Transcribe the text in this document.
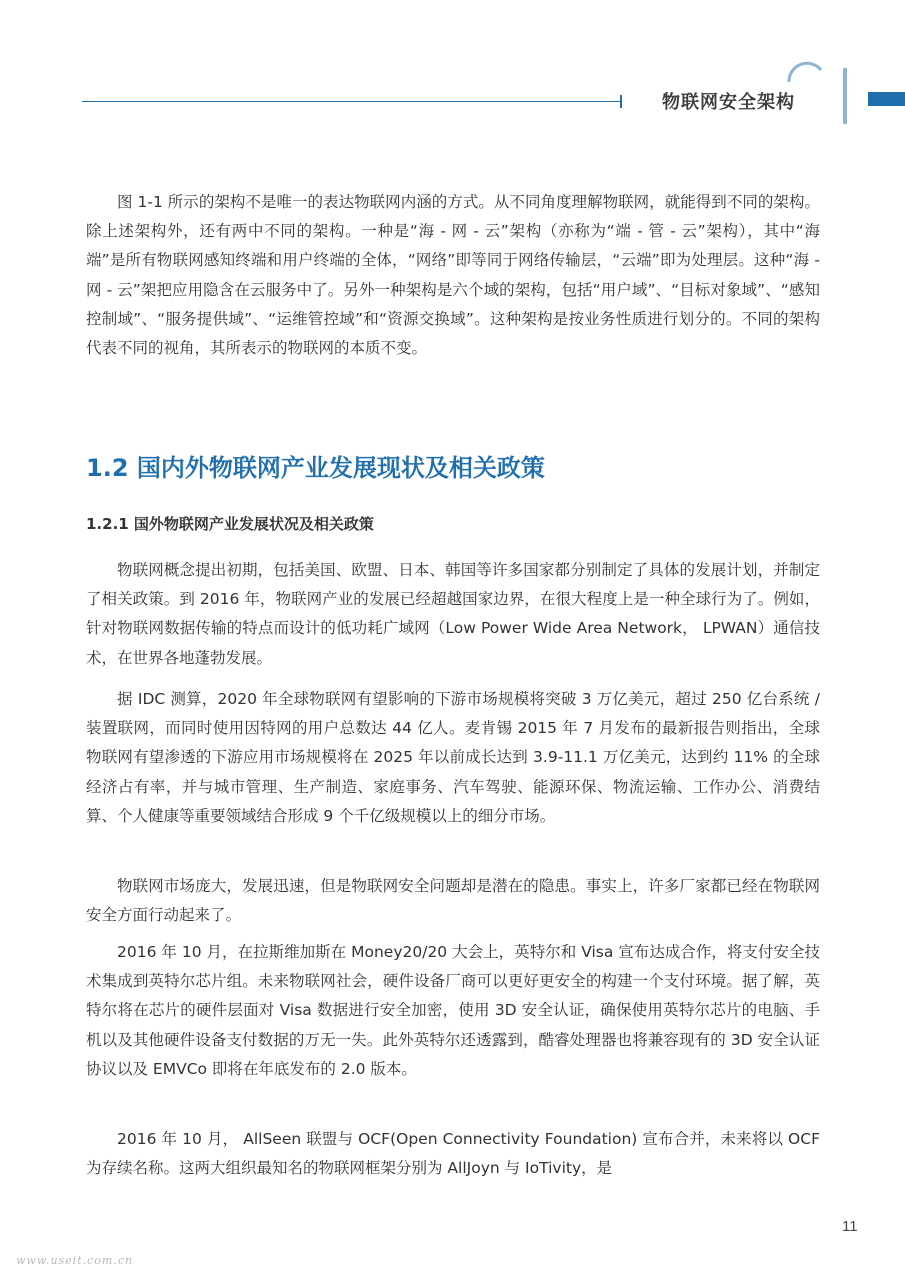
物联网安全架构

图 1-1 所示的架构不是唯一的表达物联网内涵的方式。从不同角度理解物联网，就能得到不同的架构。除上述架构外，还有两中不同的架构。一种是“海 - 网 - 云”架构（亦称为“端 - 管 - 云”架构），其中“海端”是所有物联网感知终端和用户终端的全体，“网络”即等同于网络传输层，“云端”即为处理层。这种“海 - 网 - 云”架把应用隐含在云服务中了。另外一种架构是六个域的架构，包括“用户域”、“目标对象域”、“感知控制域”、“服务提供域”、“运维管控域”和“资源交换域”。这种架构是按业务性质进行划分的。不同的架构代表不同的视角，其所表示的物联网的本质不变。

1.2 国内外物联网产业发展现状及相关政策
1.2.1 国外物联网产业发展状况及相关政策

物联网概念提出初期，包括美国、欧盟、日本、韩国等许多国家都分别制定了具体的发展计划，并制定了相关政策。到 2016 年，物联网产业的发展已经超越国家边界，在很大程度上是一种全球行为了。例如，针对物联网数据传输的特点而设计的低功耗广域网（Low Power Wide Area Network， LPWAN）通信技术，在世界各地蓬勃发展。

据 IDC 测算，2020 年全球物联网有望影响的下游市场规模将突破 3 万亿美元，超过 250 亿台系统 / 装置联网，而同时使用因特网的用户总数达 44 亿人。麦肯锡 2015 年 7 月发布的最新报告则指出，全球物联网有望渗透的下游应用市场规模将在 2025 年以前成长达到 3.9-11.1 万亿美元，达到约 11% 的全球经济占有率，并与城市管理、生产制造、家庭事务、汽车驾驶、能源环保、物流运输、工作办公、消费结算、个人健康等重要领域结合形成 9 个千亿级规模以上的细分市场。

物联网市场庞大，发展迅速，但是物联网安全问题却是潜在的隐患。事实上，许多厂家都已经在物联网安全方面行动起来了。

2016 年 10 月，在拉斯维加斯在 Money20/20 大会上，英特尔和 Visa 宣布达成合作，将支付安全技术集成到英特尔芯片组。未来物联网社会，硬件设备厂商可以更好更安全的构建一个支付环境。据了解，英特尔将在芯片的硬件层面对 Visa 数据进行安全加密，使用 3D 安全认证，确保使用英特尔芯片的电脑、手机以及其他硬件设备支付数据的万无一失。此外英特尔还透露到，酷睿处理器也将兼容现有的 3D 安全认证协议以及 EMVCo 即将在年底发布的 2.0 版本。

2016 年 10 月， AllSeen 联盟与 OCF(Open Connectivity Foundation) 宣布合并，未来将以 OCF 为存续名称。这两大组织最知名的物联网框架分别为 AllJoyn 与 IoTivity，是

11
www.useit.com.cn
